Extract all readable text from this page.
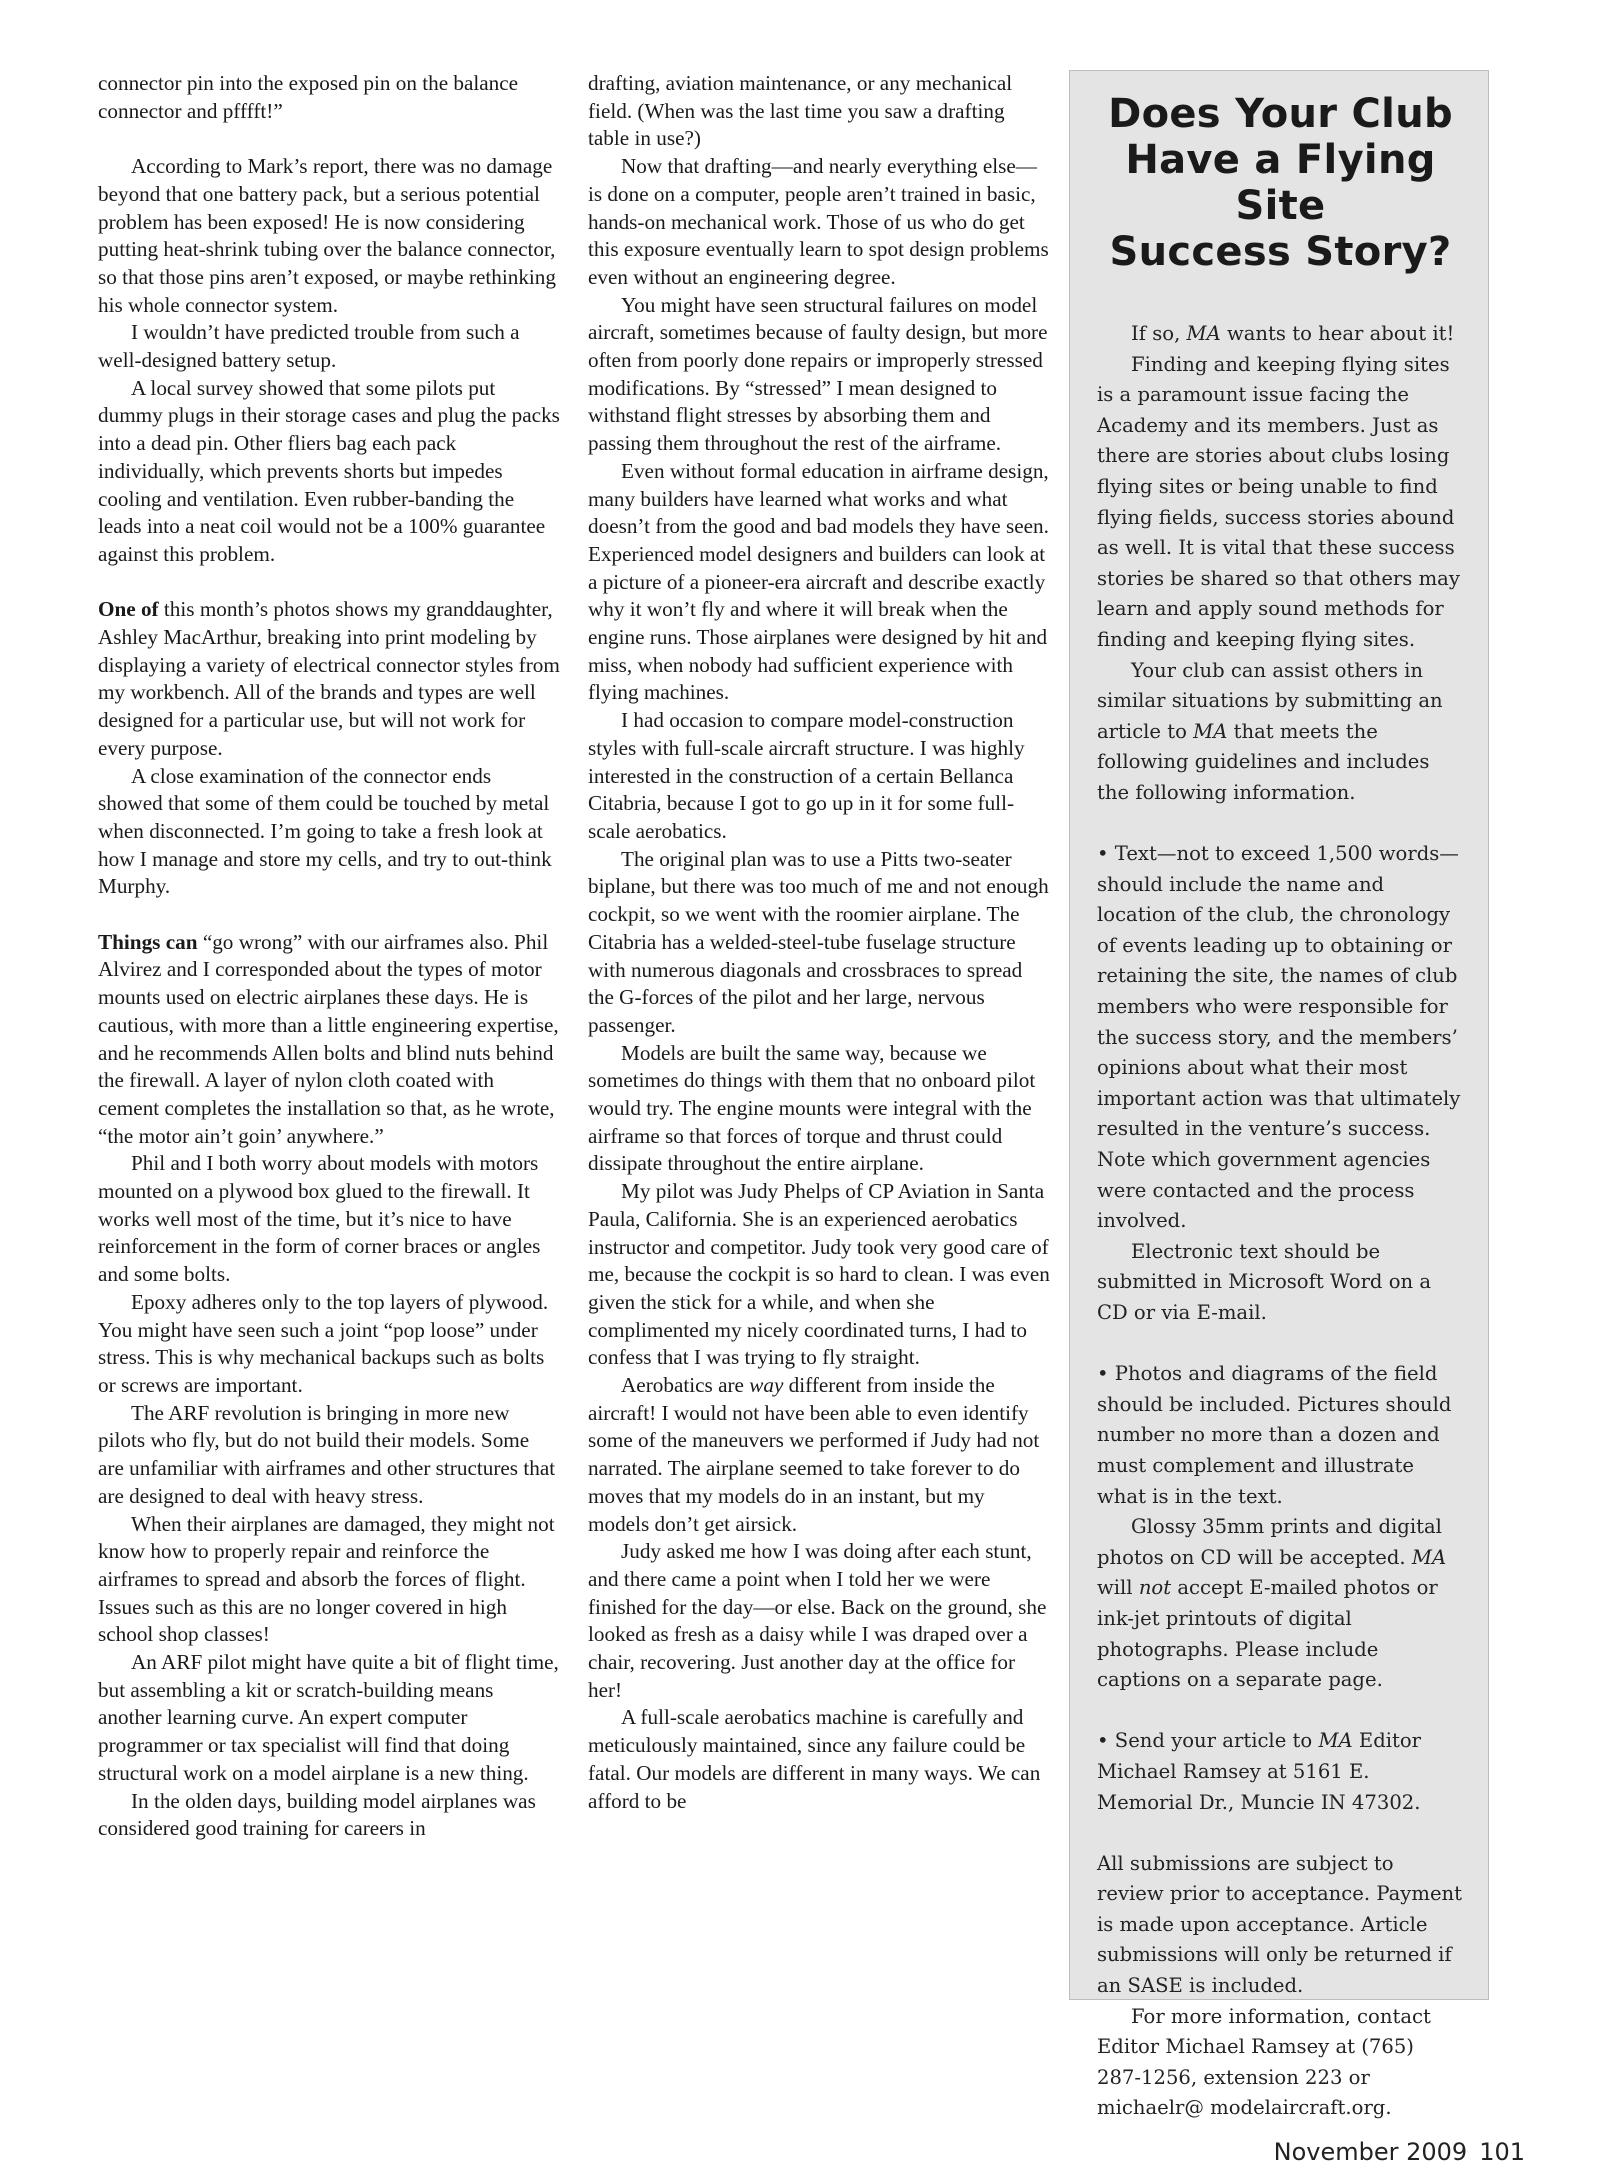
connector pin into the exposed pin on the balance connector and pfffft!”

According to Mark’s report, there was no damage beyond that one battery pack, but a serious potential problem has been exposed! He is now considering putting heat-shrink tubing over the balance connector, so that those pins aren’t exposed, or maybe rethinking his whole connector system.

I wouldn’t have predicted trouble from such a well-designed battery setup.

A local survey showed that some pilots put dummy plugs in their storage cases and plug the packs into a dead pin. Other fliers bag each pack individually, which prevents shorts but impedes cooling and ventilation. Even rubber-banding the leads into a neat coil would not be a 100% guarantee against this problem.

One of this month’s photos shows my granddaughter, Ashley MacArthur, breaking into print modeling by displaying a variety of electrical connector styles from my workbench. All of the brands and types are well designed for a particular use, but will not work for every purpose.

A close examination of the connector ends showed that some of them could be touched by metal when disconnected. I’m going to take a fresh look at how I manage and store my cells, and try to out-think Murphy.

Things can “go wrong” with our airframes also. Phil Alvirez and I corresponded about the types of motor mounts used on electric airplanes these days. He is cautious, with more than a little engineering expertise, and he recommends Allen bolts and blind nuts behind the firewall. A layer of nylon cloth coated with cement completes the installation so that, as he wrote, “the motor ain’t goin’ anywhere.”

Phil and I both worry about models with motors mounted on a plywood box glued to the firewall. It works well most of the time, but it’s nice to have reinforcement in the form of corner braces or angles and some bolts.

Epoxy adheres only to the top layers of plywood. You might have seen such a joint “pop loose” under stress. This is why mechanical backups such as bolts or screws are important.

The ARF revolution is bringing in more new pilots who fly, but do not build their models. Some are unfamiliar with airframes and other structures that are designed to deal with heavy stress.

When their airplanes are damaged, they might not know how to properly repair and reinforce the airframes to spread and absorb the forces of flight. Issues such as this are no longer covered in high school shop classes!

An ARF pilot might have quite a bit of flight time, but assembling a kit or scratch-building means another learning curve. An expert computer programmer or tax specialist will find that doing structural work on a model airplane is a new thing.

In the olden days, building model airplanes was considered good training for careers in

drafting, aviation maintenance, or any mechanical field. (When was the last time you saw a drafting table in use?)

Now that drafting—and nearly everything else—is done on a computer, people aren’t trained in basic, hands-on mechanical work. Those of us who do get this exposure eventually learn to spot design problems even without an engineering degree.

You might have seen structural failures on model aircraft, sometimes because of faulty design, but more often from poorly done repairs or improperly stressed modifications. By “stressed” I mean designed to withstand flight stresses by absorbing them and passing them throughout the rest of the airframe.

Even without formal education in airframe design, many builders have learned what works and what doesn’t from the good and bad models they have seen. Experienced model designers and builders can look at a picture of a pioneer-era aircraft and describe exactly why it won’t fly and where it will break when the engine runs. Those airplanes were designed by hit and miss, when nobody had sufficient experience with flying machines.

I had occasion to compare model-construction styles with full-scale aircraft structure. I was highly interested in the construction of a certain Bellanca Citabria, because I got to go up in it for some full-scale aerobatics.

The original plan was to use a Pitts two-seater biplane, but there was too much of me and not enough cockpit, so we went with the roomier airplane. The Citabria has a welded-steel-tube fuselage structure with numerous diagonals and crossbraces to spread the G-forces of the pilot and her large, nervous passenger.

Models are built the same way, because we sometimes do things with them that no onboard pilot would try. The engine mounts were integral with the airframe so that forces of torque and thrust could dissipate throughout the entire airplane.

My pilot was Judy Phelps of CP Aviation in Santa Paula, California. She is an experienced aerobatics instructor and competitor. Judy took very good care of me, because the cockpit is so hard to clean. I was even given the stick for a while, and when she complimented my nicely coordinated turns, I had to confess that I was trying to fly straight.

Aerobatics are way different from inside the aircraft! I would not have been able to even identify some of the maneuvers we performed if Judy had not narrated. The airplane seemed to take forever to do moves that my models do in an instant, but my models don’t get airsick.

Judy asked me how I was doing after each stunt, and there came a point when I told her we were finished for the day—or else. Back on the ground, she looked as fresh as a daisy while I was draped over a chair, recovering. Just another day at the office for her!

A full-scale aerobatics machine is carefully and meticulously maintained, since any failure could be fatal. Our models are different in many ways. We can afford to be

Does Your Club
Have a Flying Site
Success Story?

If so, MA wants to hear about it!

Finding and keeping flying sites is a paramount issue facing the Academy and its members. Just as there are stories about clubs losing flying sites or being unable to find flying fields, success stories abound as well. It is vital that these success stories be shared so that others may learn and apply sound methods for finding and keeping flying sites.

Your club can assist others in similar situations by submitting an article to MA that meets the following guidelines and includes the following information.

• Text—not to exceed 1,500 words—should include the name and location of the club, the chronology of events leading up to obtaining or retaining the site, the names of club members who were responsible for the success story, and the members’ opinions about what their most important action was that ultimately resulted in the venture’s success. Note which government agencies were contacted and the process involved.

Electronic text should be submitted in Microsoft Word on a CD or via E-mail.

• Photos and diagrams of the field should be included. Pictures should number no more than a dozen and must complement and illustrate what is in the text.

Glossy 35mm prints and digital photos on CD will be accepted. MA will not accept E-mailed photos or ink-jet printouts of digital photographs. Please include captions on a separate page.

• Send your article to MA Editor Michael Ramsey at 5161 E. Memorial Dr., Muncie IN 47302.

All submissions are subject to review prior to acceptance. Payment is made upon acceptance. Article submissions will only be returned if an SASE is included.

For more information, contact Editor Michael Ramsey at (765) 287-1256, extension 223 or michaelr@ modelaircraft.org.

November 2009 101
